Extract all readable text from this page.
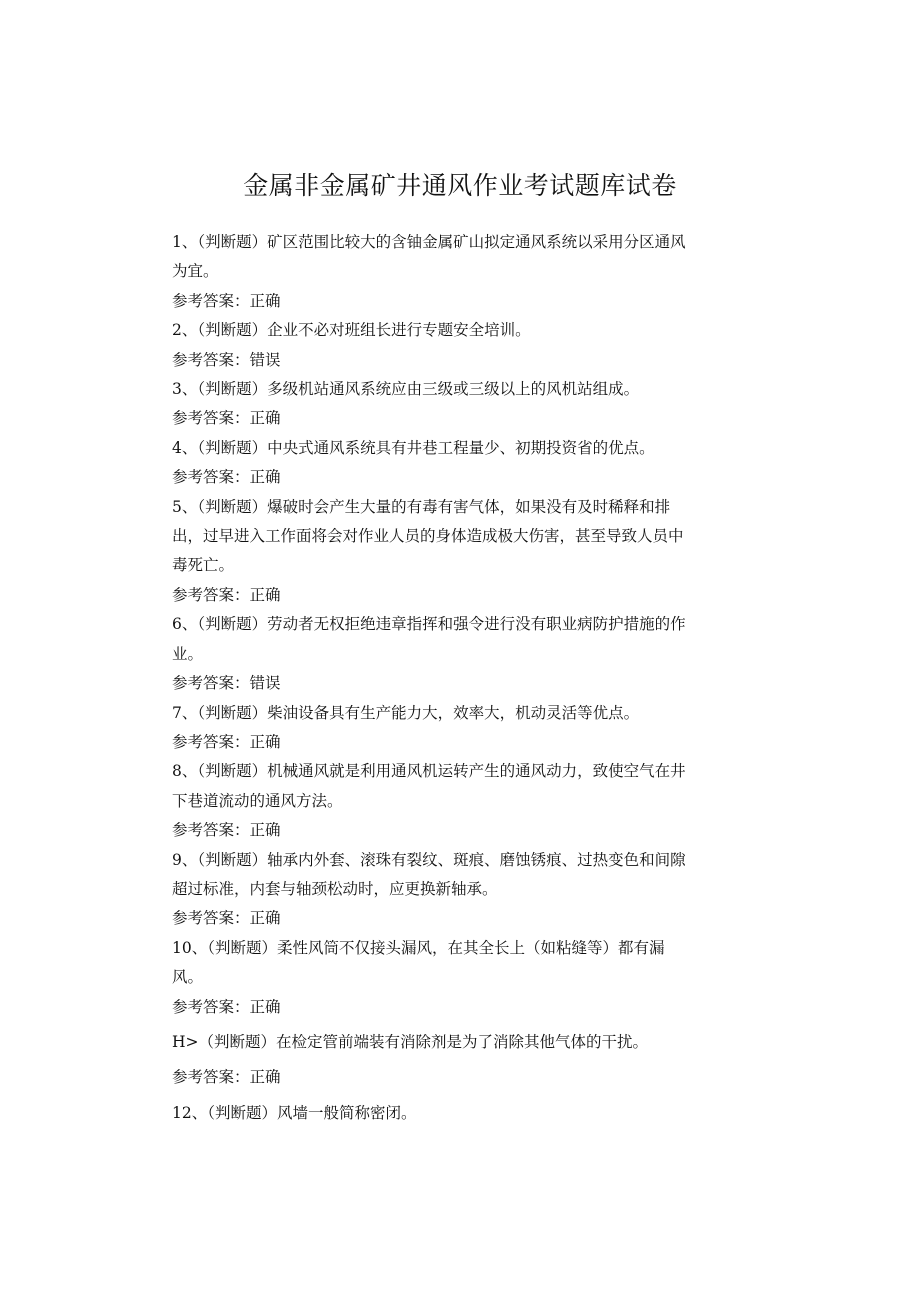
金属非金属矿井通风作业考试题库试卷

1、（判断题）矿区范围比较大的含铀金属矿山拟定通风系统以采用分区通风

为宜。

参考答案：正确

2、（判断题）企业不必对班组长进行专题安全培训。

参考答案：错误

3、（判断题）多级机站通风系统应由三级或三级以上的风机站组成。

参考答案：正确

4、（判断题）中央式通风系统具有井巷工程量少、初期投资省的优点。

参考答案：正确

5、（判断题）爆破时会产生大量的有毒有害气体，如果没有及时稀释和排

出，过早进入工作面将会对作业人员的身体造成极大伤害，甚至导致人员中

毒死亡。

参考答案：正确

6、（判断题）劳动者无权拒绝违章指挥和强令进行没有职业病防护措施的作

业。

参考答案：错误

7、（判断题）柴油设备具有生产能力大，效率大，机动灵活等优点。

参考答案：正确

8、（判断题）机械通风就是利用通风机运转产生的通风动力，致使空气在井

下巷道流动的通风方法。

参考答案：正确

9、（判断题）轴承内外套、滚珠有裂纹、斑痕、磨蚀锈痕、过热变色和间隙

超过标准，内套与轴颈松动时，应更换新轴承。

参考答案：正确

10、（判断题）柔性风筒不仅接头漏风，在其全长上（如粘缝等）都有漏

风。

参考答案：正确

H>（判断题）在检定管前端装有消除剂是为了消除其他气体的干扰。

参考答案：正确

12、（判断题）风墙一般简称密闭。
